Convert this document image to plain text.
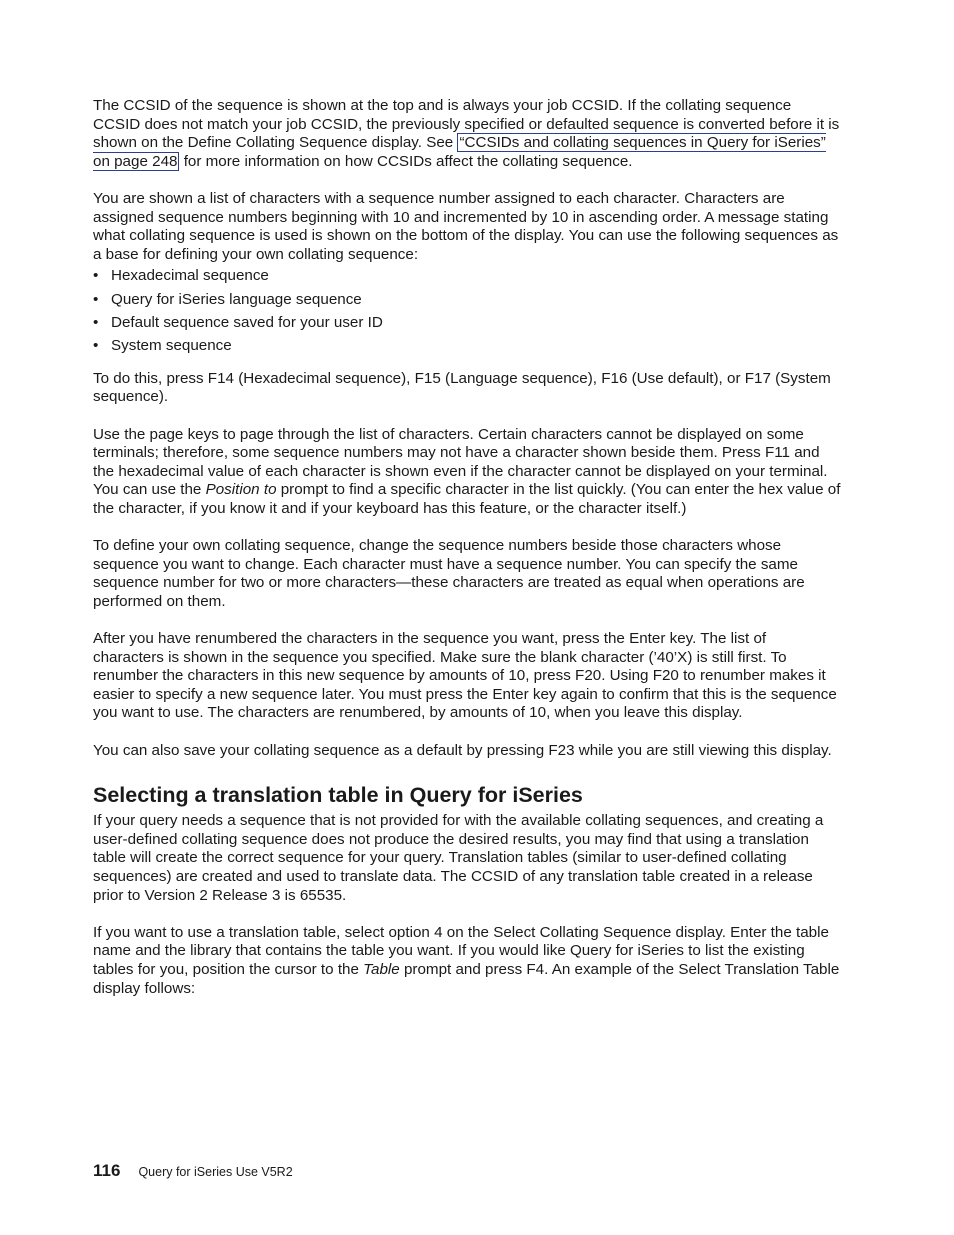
The CCSID of the sequence is shown at the top and is always your job CCSID. If the collating sequence CCSID does not match your job CCSID, the previously specified or defaulted sequence is converted before it is shown on the Define Collating Sequence display. See “CCSIDs and collating sequences in Query for iSeries” on page 248 for more information on how CCSIDs affect the collating sequence.

You are shown a list of characters with a sequence number assigned to each character. Characters are assigned sequence numbers beginning with 10 and incremented by 10 in ascending order. A message stating what collating sequence is used is shown on the bottom of the display. You can use the following sequences as a base for defining your own collating sequence:

• Hexadecimal sequence
• Query for iSeries language sequence
• Default sequence saved for your user ID
• System sequence

To do this, press F14 (Hexadecimal sequence), F15 (Language sequence), F16 (Use default), or F17 (System sequence).

Use the page keys to page through the list of characters. Certain characters cannot be displayed on some terminals; therefore, some sequence numbers may not have a character shown beside them. Press F11 and the hexadecimal value of each character is shown even if the character cannot be displayed on your terminal. You can use the Position to prompt to find a specific character in the list quickly. (You can enter the hex value of the character, if you know it and if your keyboard has this feature, or the character itself.)

To define your own collating sequence, change the sequence numbers beside those characters whose sequence you want to change. Each character must have a sequence number. You can specify the same sequence number for two or more characters—these characters are treated as equal when operations are performed on them.

After you have renumbered the characters in the sequence you want, press the Enter key. The list of characters is shown in the sequence you specified. Make sure the blank character (’40’X) is still first. To renumber the characters in this new sequence by amounts of 10, press F20. Using F20 to renumber makes it easier to specify a new sequence later. You must press the Enter key again to confirm that this is the sequence you want to use. The characters are renumbered, by amounts of 10, when you leave this display.

You can also save your collating sequence as a default by pressing F23 while you are still viewing this display.

Selecting a translation table in Query for iSeries

If your query needs a sequence that is not provided for with the available collating sequences, and creating a user-defined collating sequence does not produce the desired results, you may find that using a translation table will create the correct sequence for your query. Translation tables (similar to user-defined collating sequences) are created and used to translate data. The CCSID of any translation table created in a release prior to Version 2 Release 3 is 65535.

If you want to use a translation table, select option 4 on the Select Collating Sequence display. Enter the table name and the library that contains the table you want. If you would like Query for iSeries to list the existing tables for you, position the cursor to the Table prompt and press F4. An example of the Select Translation Table display follows:

116 Query for iSeries Use V5R2
